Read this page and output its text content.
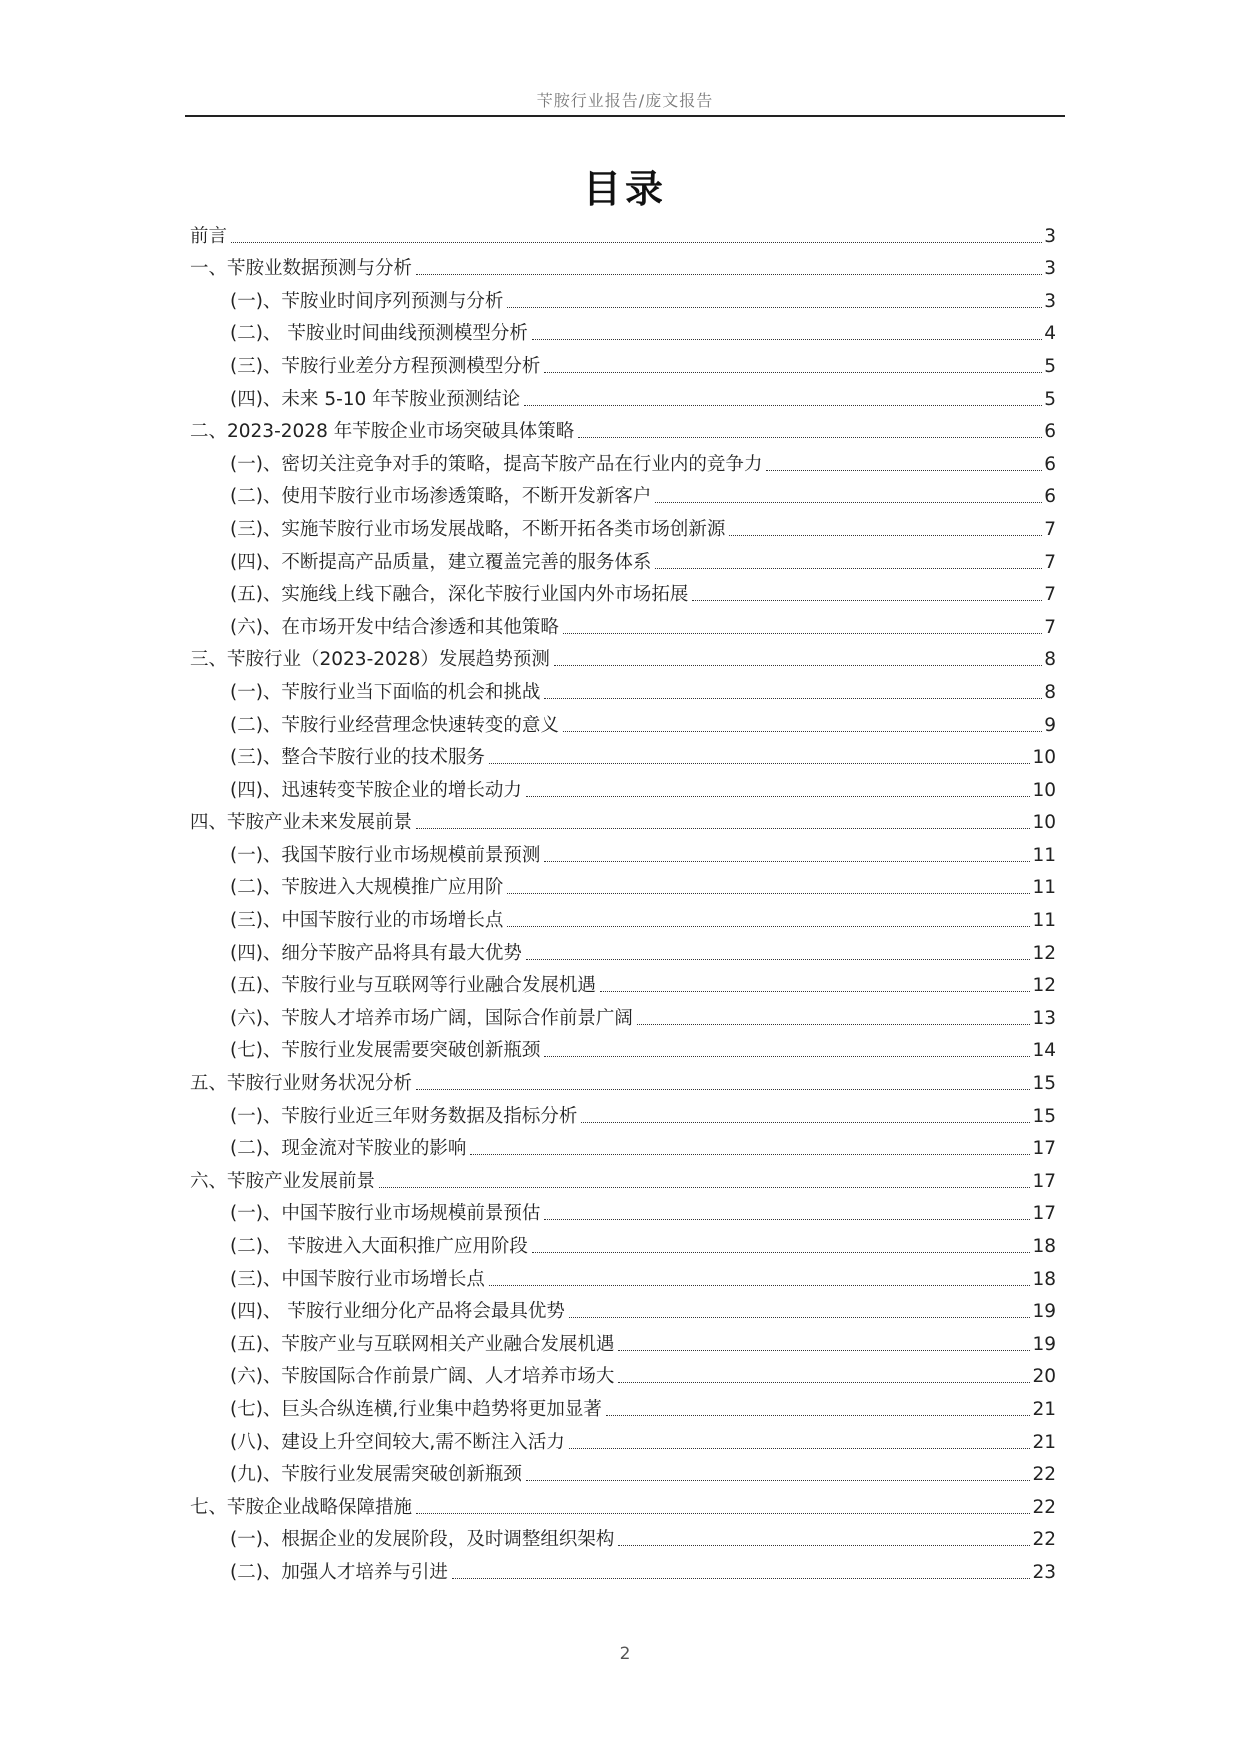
苄胺行业报告/庞文报告
目录
前言	3
一、苄胺业数据预测与分析	3
(一)、苄胺业时间序列预测与分析	3
(二)、 苄胺业时间曲线预测模型分析	4
(三)、苄胺行业差分方程预测模型分析	5
(四)、未来 5-10 年苄胺业预测结论	5
二、2023-2028 年苄胺企业市场突破具体策略	6
(一)、密切关注竞争对手的策略，提高苄胺产品在行业内的竞争力	6
(二)、使用苄胺行业市场渗透策略，不断开发新客户	6
(三)、实施苄胺行业市场发展战略，不断开拓各类市场创新源	7
(四)、不断提高产品质量，建立覆盖完善的服务体系	7
(五)、实施线上线下融合，深化苄胺行业国内外市场拓展	7
(六)、在市场开发中结合渗透和其他策略	7
三、苄胺行业（2023-2028）发展趋势预测	8
(一)、苄胺行业当下面临的机会和挑战	8
(二)、苄胺行业经营理念快速转变的意义	9
(三)、整合苄胺行业的技术服务	10
(四)、迅速转变苄胺企业的增长动力	10
四、苄胺产业未来发展前景	10
(一)、我国苄胺行业市场规模前景预测	11
(二)、苄胺进入大规模推广应用阶	11
(三)、中国苄胺行业的市场增长点	11
(四)、细分苄胺产品将具有最大优势	12
(五)、苄胺行业与互联网等行业融合发展机遇	12
(六)、苄胺人才培养市场广阔，国际合作前景广阔	13
(七)、苄胺行业发展需要突破创新瓶颈	14
五、苄胺行业财务状况分析	15
(一)、苄胺行业近三年财务数据及指标分析	15
(二)、现金流对苄胺业的影响	17
六、苄胺产业发展前景	17
(一)、中国苄胺行业市场规模前景预估	17
(二)、 苄胺进入大面积推广应用阶段	18
(三)、中国苄胺行业市场增长点	18
(四)、 苄胺行业细分化产品将会最具优势	19
(五)、苄胺产业与互联网相关产业融合发展机遇	19
(六)、苄胺国际合作前景广阔、人才培养市场大	20
(七)、巨头合纵连横,行业集中趋势将更加显著	21
(八)、建设上升空间较大,需不断注入活力	21
(九)、苄胺行业发展需突破创新瓶颈	22
七、苄胺企业战略保障措施	22
(一)、根据企业的发展阶段，及时调整组织架构	22
(二)、加强人才培养与引进	23
2
